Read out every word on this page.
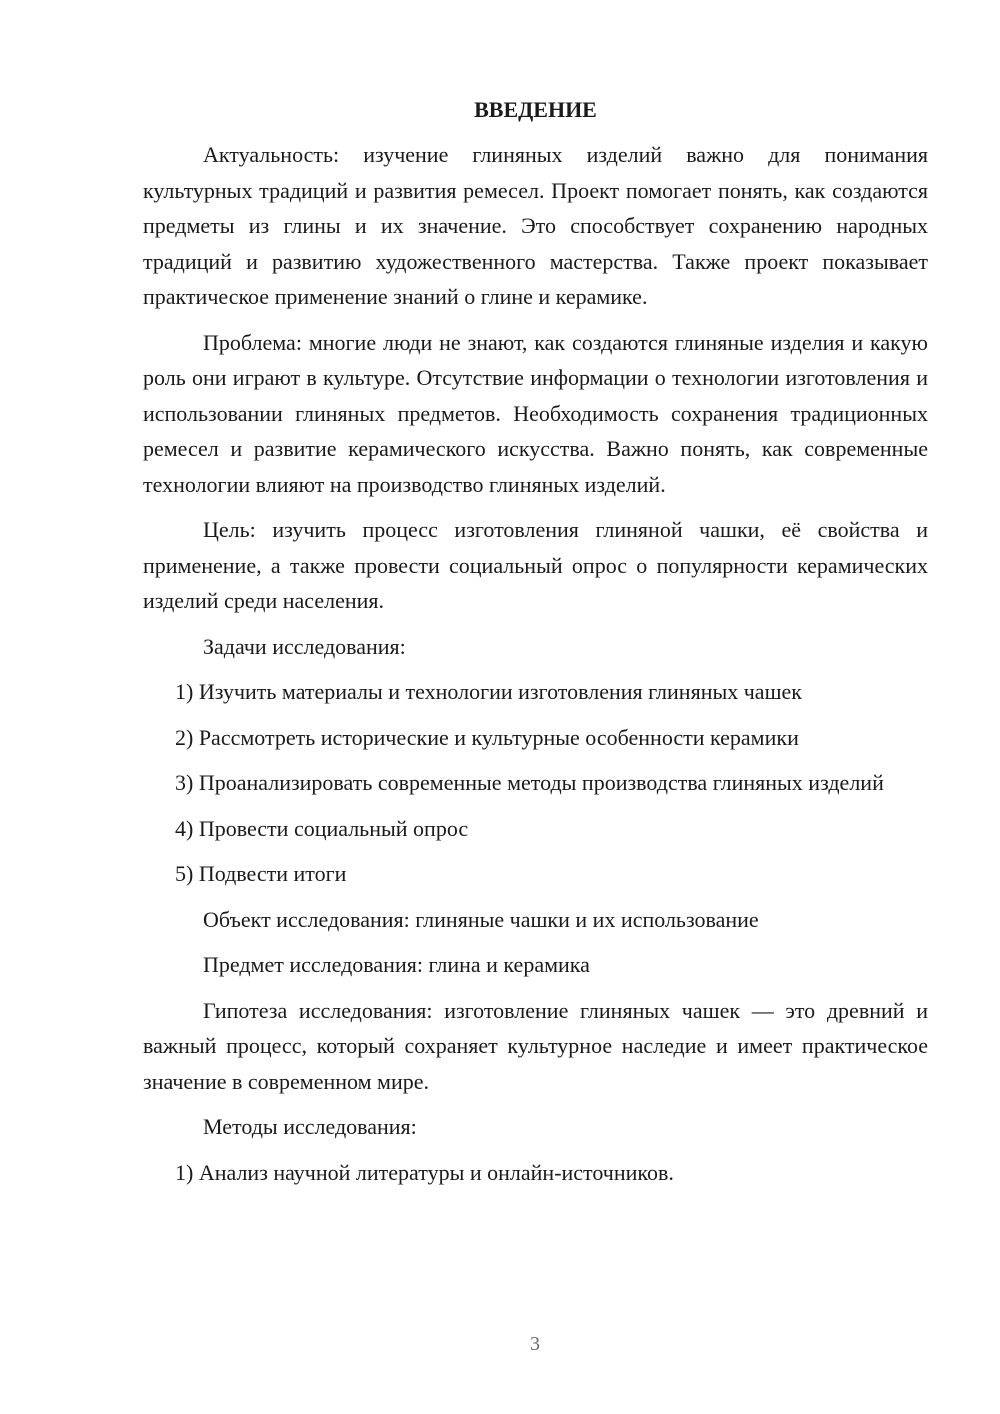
ВВЕДЕНИЕ

Актуальность: изучение глиняных изделий важно для понимания культурных традиций и развития ремесел. Проект помогает понять, как создаются предметы из глины и их значение. Это способствует сохранению народных традиций и развитию художественного мастерства. Также проект показывает практическое применение знаний о глине и керамике.

Проблема: многие люди не знают, как создаются глиняные изделия и какую роль они играют в культуре. Отсутствие информации о технологии изготовления и использовании глиняных предметов. Необходимость сохранения традиционных ремесел и развитие керамического искусства. Важно понять, как современные технологии влияют на производство глиняных изделий.

Цель: изучить процесс изготовления глиняной чашки, её свойства и применение, а также провести социальный опрос о популярности керамических изделий среди населения.

Задачи исследования:

1) Изучить материалы и технологии изготовления глиняных чашек

2) Рассмотреть исторические и культурные особенности керамики

3) Проанализировать современные методы производства глиняных изделий

4) Провести социальный опрос

5) Подвести итоги

Объект исследования: глиняные чашки и их использование

Предмет исследования: глина и керамика

Гипотеза исследования: изготовление глиняных чашек — это древний и важный процесс, который сохраняет культурное наследие и имеет практическое значение в современном мире.

Методы исследования:

1) Анализ научной литературы и онлайн-источников.

3
